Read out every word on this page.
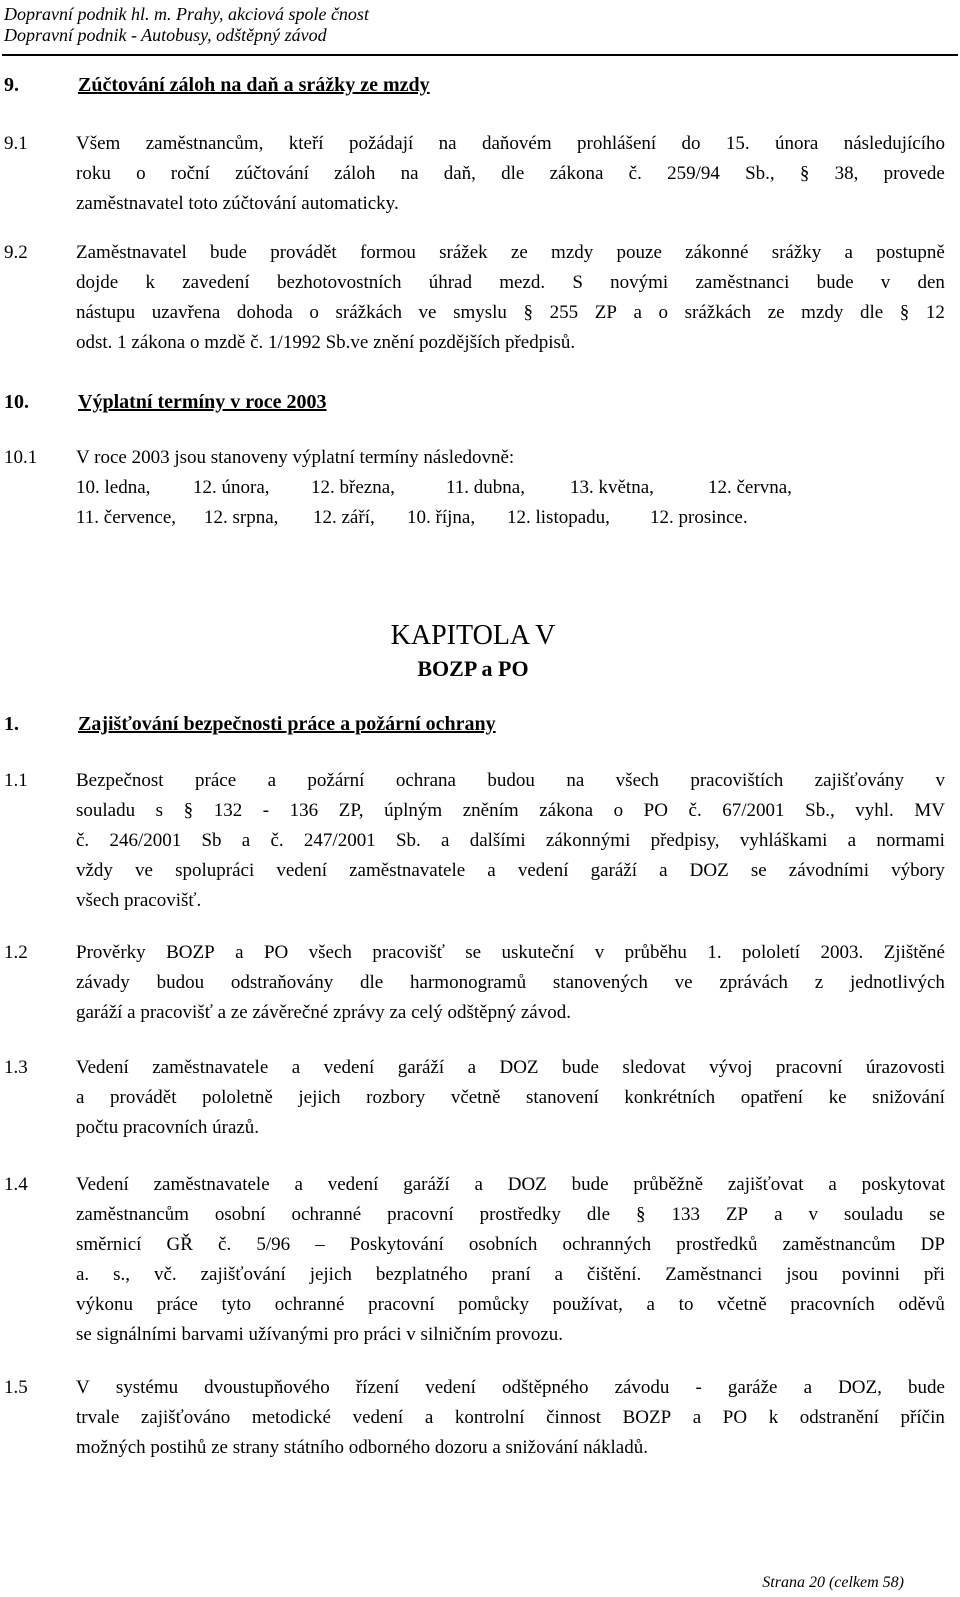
Dopravní podnik hl. m. Prahy, akciová spole čnost
Dopravní podnik - Autobusy, odštěpný závod
9.	Zúčtování záloh na daň a srážky ze mzdy
9.1	Všem zaměstnancům, kteří požádají na daňovém prohlášení do 15. února následujícího
roku o roční zúčtování záloh na daň, dle zákona č. 259/94 Sb., § 38, provede
zaměstnavatel toto zúčtování automaticky.
9.2	Zaměstnavatel bude provádět formou srážek ze mzdy pouze zákonné srážky a postupně
dojde k zavedení bezhotovostních úhrad mezd. S novými zaměstnanci bude v den
nástupu uzavřena dohoda o srážkách ve smyslu § 255 ZP a o srážkách ze mzdy dle § 12
odst. 1 zákona o mzdě č. 1/1992 Sb.ve znění pozdějších předpisů.
10. Výplatní termíny v roce 2003
10.1 V roce 2003 jsou stanoveny výplatní termíny následovně:
10. ledna,	12. února,	12. března,	11. dubna,	13. května,	12. června,
11. července,	12. srpna,	12. září,	10. října,	12. listopadu,	12. prosince.
KAPITOLA V
BOZP a PO
1.	Zajišťování bezpečnosti práce a požární ochrany
1.1	Bezpečnost práce a požární ochrana budou na všech pracovištích zajišťovány v
souladu s § 132 - 136 ZP, úplným zněním zákona o PO č. 67/2001 Sb., vyhl. MV
č. 246/2001 Sb a č. 247/2001 Sb. a dalšími zákonnými předpisy, vyhláškami a normami
vždy ve spolupráci vedení zaměstnavatele a vedení garáží a DOZ se závodními výbory
všech pracovišť.
1.2	Prověrky BOZP a PO všech pracovišť se uskuteční v průběhu 1. pololetí 2003. Zjištěné
závady budou odstraňovány dle harmonogramů stanovených ve zprávách z jednotlivých
garáží a pracovišť a ze závěrečné zprávy za celý odštěpný závod.
1.3	Vedení zaměstnavatele a vedení garáží a DOZ bude sledovat vývoj pracovní úrazovosti
a provádět pololetně jejich rozbory včetně stanovení konkrétních opatření ke snižování
počtu pracovních úrazů.
1.4	Vedení zaměstnavatele a vedení garáží a DOZ bude průběžně zajišťovat a poskytovat
zaměstnancům osobní ochranné pracovní prostředky dle § 133 ZP a v souladu se
směrnicí GŘ č. 5/96 – Poskytování osobních ochranných prostředků zaměstnancům DP
a. s., vč. zajišťování jejich bezplatného praní a čištění. Zaměstnanci jsou povinni při
výkonu práce tyto ochranné pracovní pomůcky používat, a to včetně pracovních oděvů
se signálními barvami užívanými pro práci v silničním provozu.
1.5	V systému dvoustupňového řízení vedení odštěpného závodu - garáže a DOZ, bude
trvale zajišťováno metodické vedení a kontrolní činnost BOZP a PO k odstranění příčin
možných postihů ze strany státního odborného dozoru a snižování nákladů.
Strana 20 (celkem 58)
